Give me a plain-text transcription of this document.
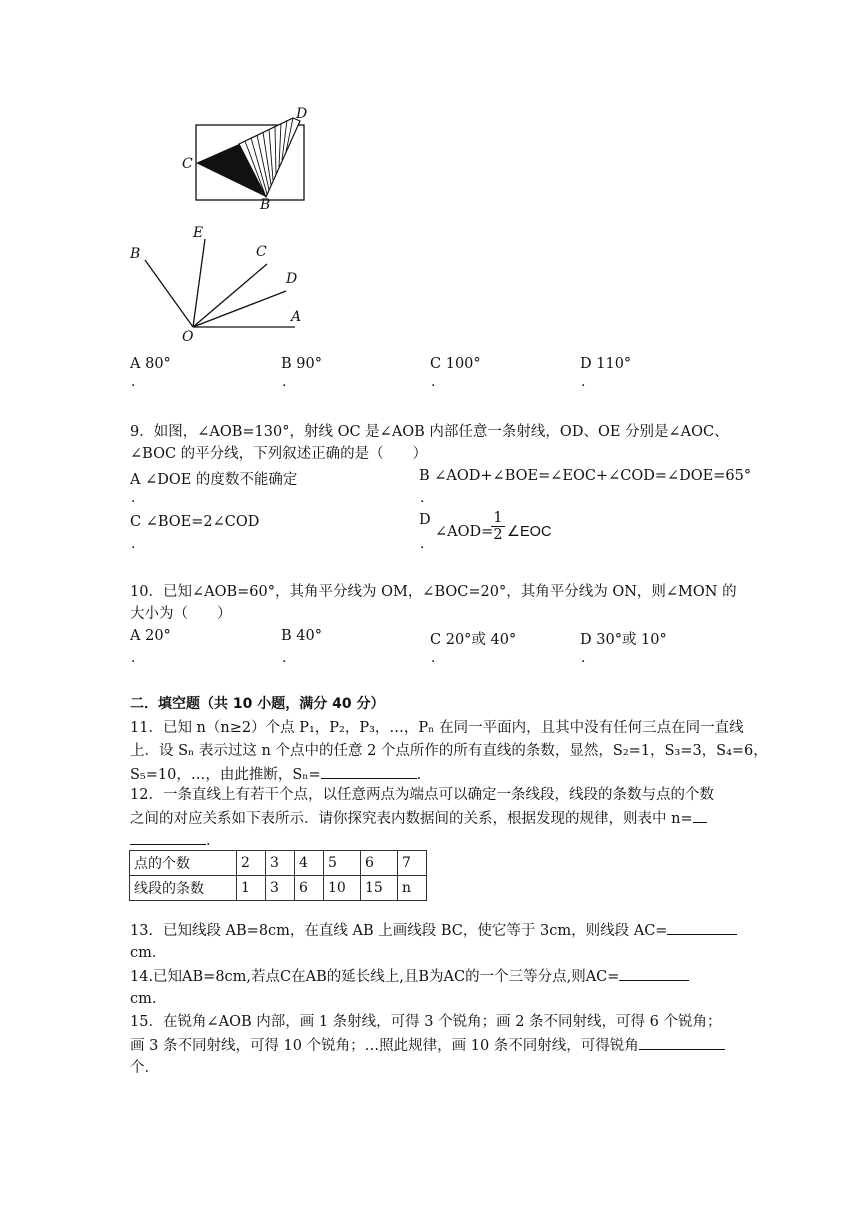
C
D
B
B
E
C
D
A
O
A 80°	B 90°	C 100°	D 110°
.	.	.	.
9．如图，∠AOB=130°，射线 OC 是∠AOB 内部任意一条射线，OD、OE 分别是∠AOC、
∠BOC 的平分线，下列叙述正确的是（　　）
A ∠DOE 的度数不能确定	B ∠AOD+∠BOE=∠EOC+∠COD=∠DOE=65°
.	.
C ∠BOE=2∠COD	D
∠AOD=
$\frac{1}{2}$ ∠EOC
.	.
10．已知∠AOB=60°，其角平分线为 OM，∠BOC=20°，其角平分线为 ON，则∠MON 的
大小为（　　）
A 20°	B 40°	C 20°或 40°	D 30°或 10°
.	.	.	.
二．填空题（共 10 小题，满分 40 分）
11．已知 n（n≥2）个点 P₁，P₂，P₃，…，Pₙ 在同一平面内，且其中没有任何三点在同一直线
上．设 Sₙ 表示过这 n 个点中的任意 2 个点所作的所有直线的条数，显然，S₂=1，S₃=3，S₄=6，
S₅=10，…，由此推断，Sₙ=	．
12．一条直线上有若干个点，以任意两点为端点可以确定一条线段，线段的条数与点的个数
之间的对应关系如下表所示．请你探究表内数据间的关系，根据发现的规律，则表中 n=
．
点的个数	2	3	4	5	6	7
线段的条数	1	3	6	10	15	n
13．已知线段 AB=8cm，在直线 AB 上画线段 BC，使它等于 3cm，则线段 AC=
cm．
14.已知AB=8cm,若点C在AB的延长线上,且B为AC的一个三等分点,则AC=
cm.
15．在锐角∠AOB 内部，画 1 条射线，可得 3 个锐角；画 2 条不同射线，可得 6 个锐角；
画 3 条不同射线，可得 10 个锐角；…照此规律，画 10 条不同射线，可得锐角
个．
